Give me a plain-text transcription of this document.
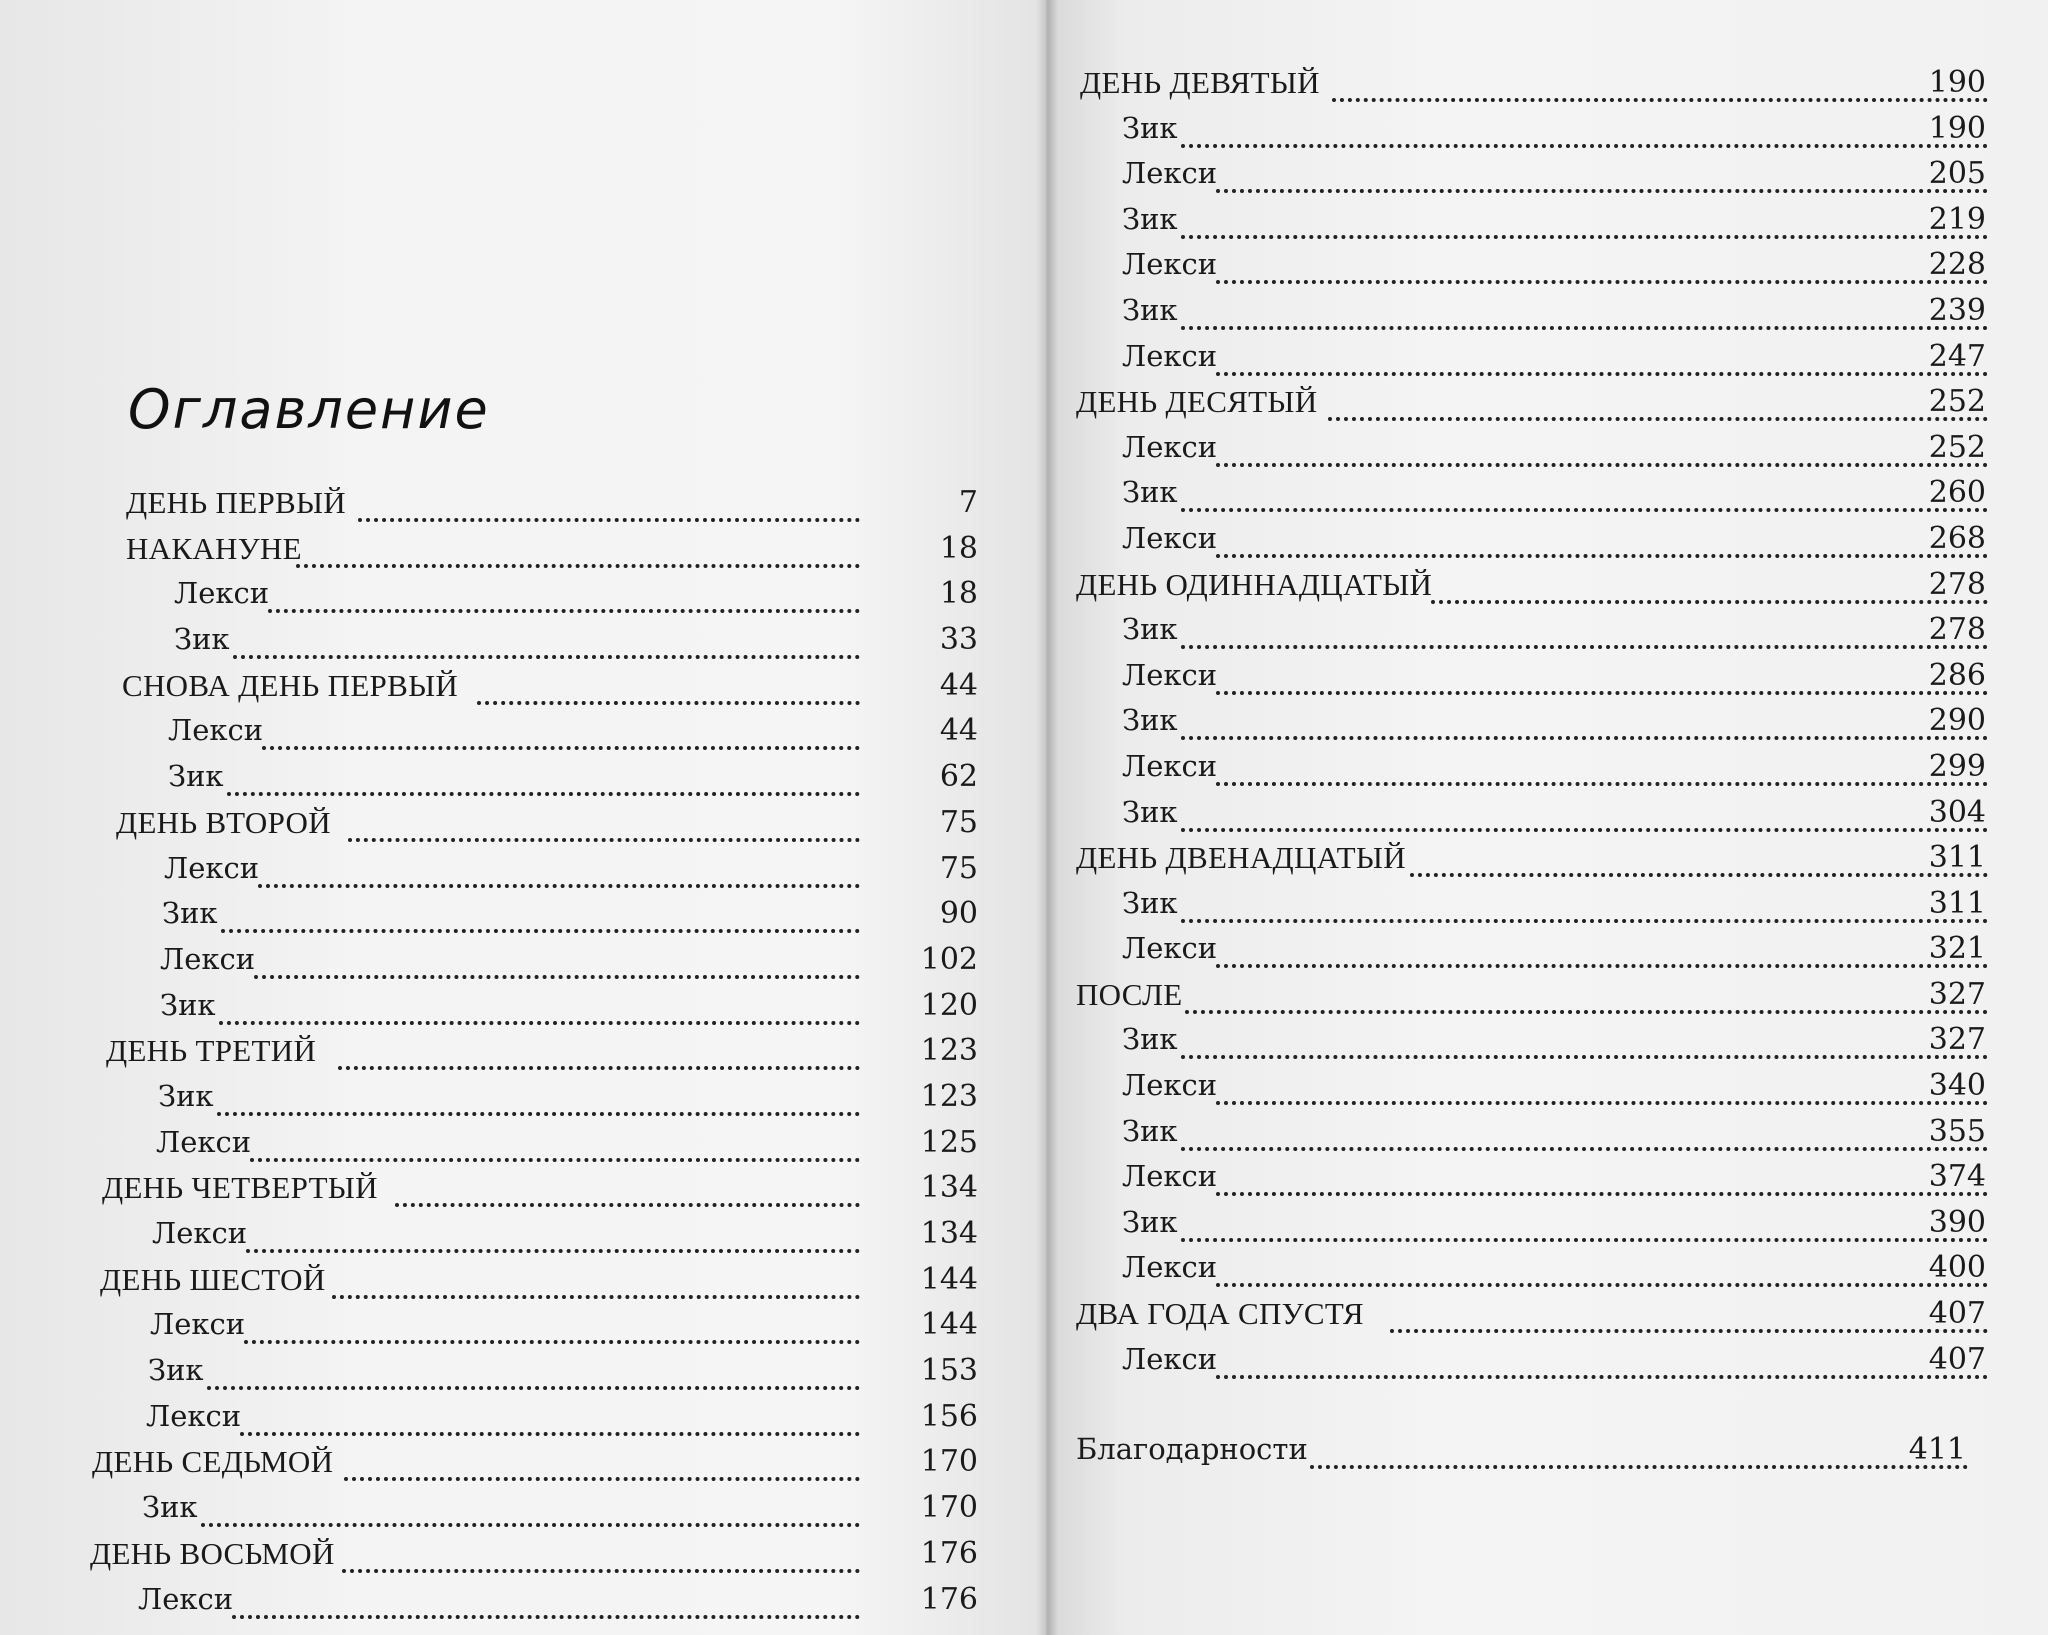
Оглавление
ДЕНЬ ПЕРВЫЙ	7
НАКАНУНЕ	18
Лекси	18
Зик	33
СНОВА ДЕНЬ ПЕРВЫЙ	44
Лекси	44
Зик	62
ДЕНЬ ВТОРОЙ	75
Лекси	75
Зик	90
Лекси	102
Зик	120
ДЕНЬ ТРЕТИЙ	123
Зик	123
Лекси	125
ДЕНЬ ЧЕТВЕРТЫЙ	134
Лекси	134
ДЕНЬ ШЕСТОЙ	144
Лекси	144
Зик	153
Лекси	156
ДЕНЬ СЕДЬМОЙ	170
Зик	170
ДЕНЬ ВОСЬМОЙ	176
Лекси	176
ДЕНЬ ДЕВЯТЫЙ	190
Зик	190
Лекси	205
Зик	219
Лекси	228
Зик	239
Лекси	247
ДЕНЬ ДЕСЯТЫЙ	252
Лекси	252
Зик	260
Лекси	268
ДЕНЬ ОДИННАДЦАТЫЙ	278
Зик	278
Лекси	286
Зик	290
Лекси	299
Зик	304
ДЕНЬ ДВЕНАДЦАТЫЙ	311
Зик	311
Лекси	321
ПОСЛЕ	327
Зик	327
Лекси	340
Зик	355
Лекси	374
Зик	390
Лекси	400
ДВА ГОДА СПУСТЯ	407
Лекси	407
Благодарности	411
